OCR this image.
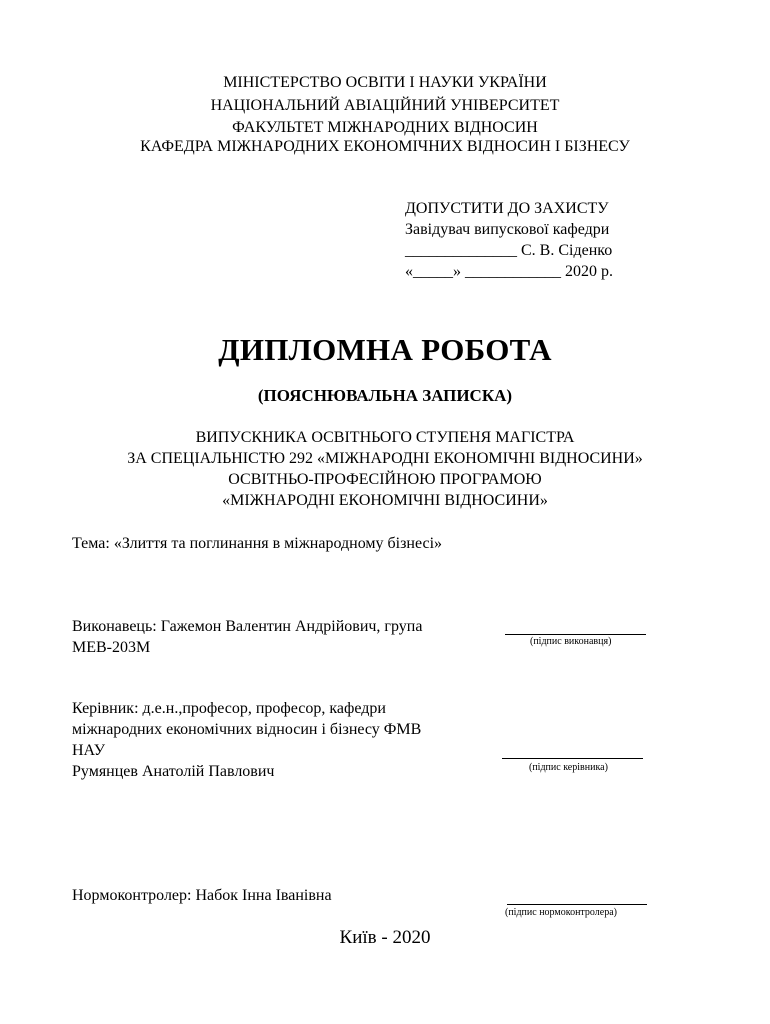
МІНІСТЕРСТВО ОСВІТИ І НАУКИ УКРАЇНИ
НАЦІОНАЛЬНИЙ АВІАЦІЙНИЙ УНІВЕРСИТЕТ
ФАКУЛЬТЕТ МІЖНАРОДНИХ ВІДНОСИН
КАФЕДРА МІЖНАРОДНИХ ЕКОНОМІЧНИХ ВІДНОСИН І БІЗНЕСУ
ДОПУСТИТИ ДО ЗАХИСТУ
Завідувач випускової кафедри
______________ С. В. Сіденко
«_____» ____________ 2020 р.
ДИПЛОМНА РОБОТА
(ПОЯСНЮВАЛЬНА ЗАПИСКА)
ВИПУСКНИКА ОСВІТНЬОГО СТУПЕНЯ МАГІСТРА
ЗА СПЕЦІАЛЬНІСТЮ 292 «МІЖНАРОДНІ ЕКОНОМІЧНІ ВІДНОСИНИ»
ОСВІТНЬО-ПРОФЕСІЙНОЮ ПРОГРАМОЮ
«МІЖНАРОДНІ ЕКОНОМІЧНІ ВІДНОСИНИ»
Тема: «Злиття та поглинання в міжнародному бізнесі»
Виконавець: Гажемон Валентин Андрійович, група
МЕВ-203М	(підпис виконавця)
Керівник: д.е.н.,професор, професор, кафедри
міжнародних економічних відносин і бізнесу ФМВ
НАУ
Румянцев Анатолій Павлович	(підпис керівника)
Нормоконтролер: Набок Інна Іванівна
(підпис нормоконтролера)
Київ - 2020
